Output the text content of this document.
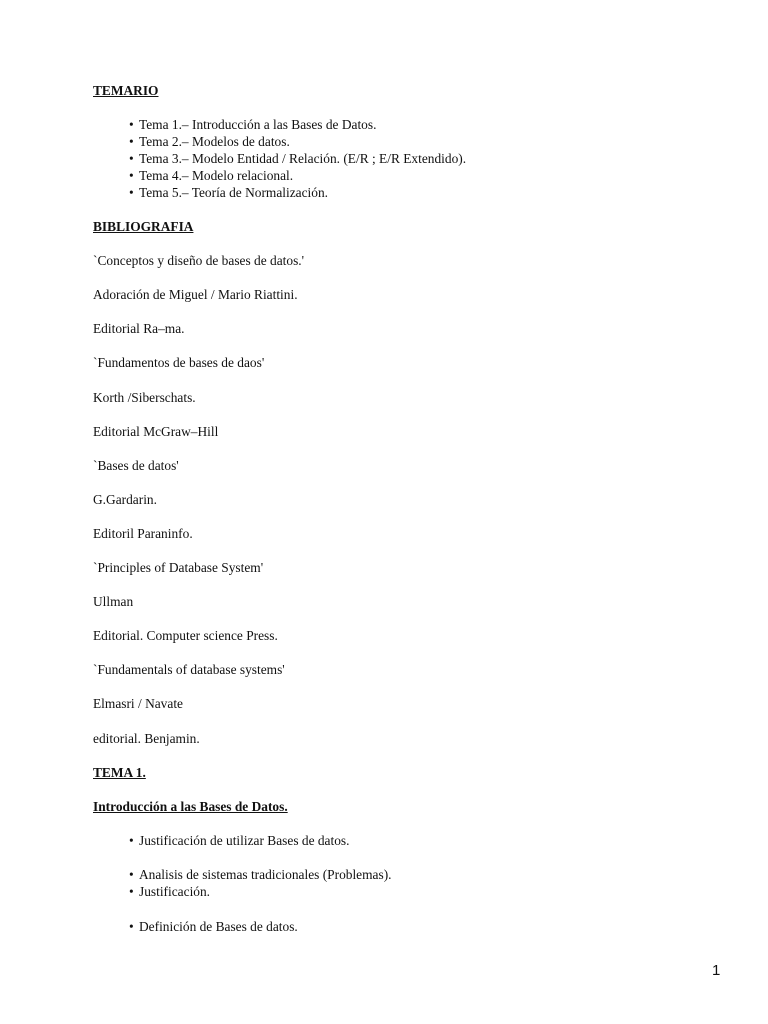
TEMARIO
• Tema 1.– Introducción a las Bases de Datos.
• Tema 2.– Modelos de datos.
• Tema 3.– Modelo Entidad / Relación. (E/R ; E/R Extendido).
• Tema 4.– Modelo relacional.
• Tema 5.– Teoría de Normalización.
BIBLIOGRAFIA
`Conceptos y diseño de bases de datos.'
Adoración de Miguel / Mario Riattini.
Editorial Ra–ma.
`Fundamentos de bases de daos'
Korth /Siberschats.
Editorial McGraw–Hill
`Bases de datos'
G.Gardarin.
Editoril Paraninfo.
`Principles of Database System'
Ullman
Editorial. Computer science Press.
`Fundamentals of database systems'
Elmasri / Navate
editorial. Benjamin.
TEMA 1.
Introducción a las Bases de Datos.
• Justificación de utilizar Bases de datos.
• Analisis de sistemas tradicionales (Problemas).
• Justificación.
• Definición de Bases de datos.
1
